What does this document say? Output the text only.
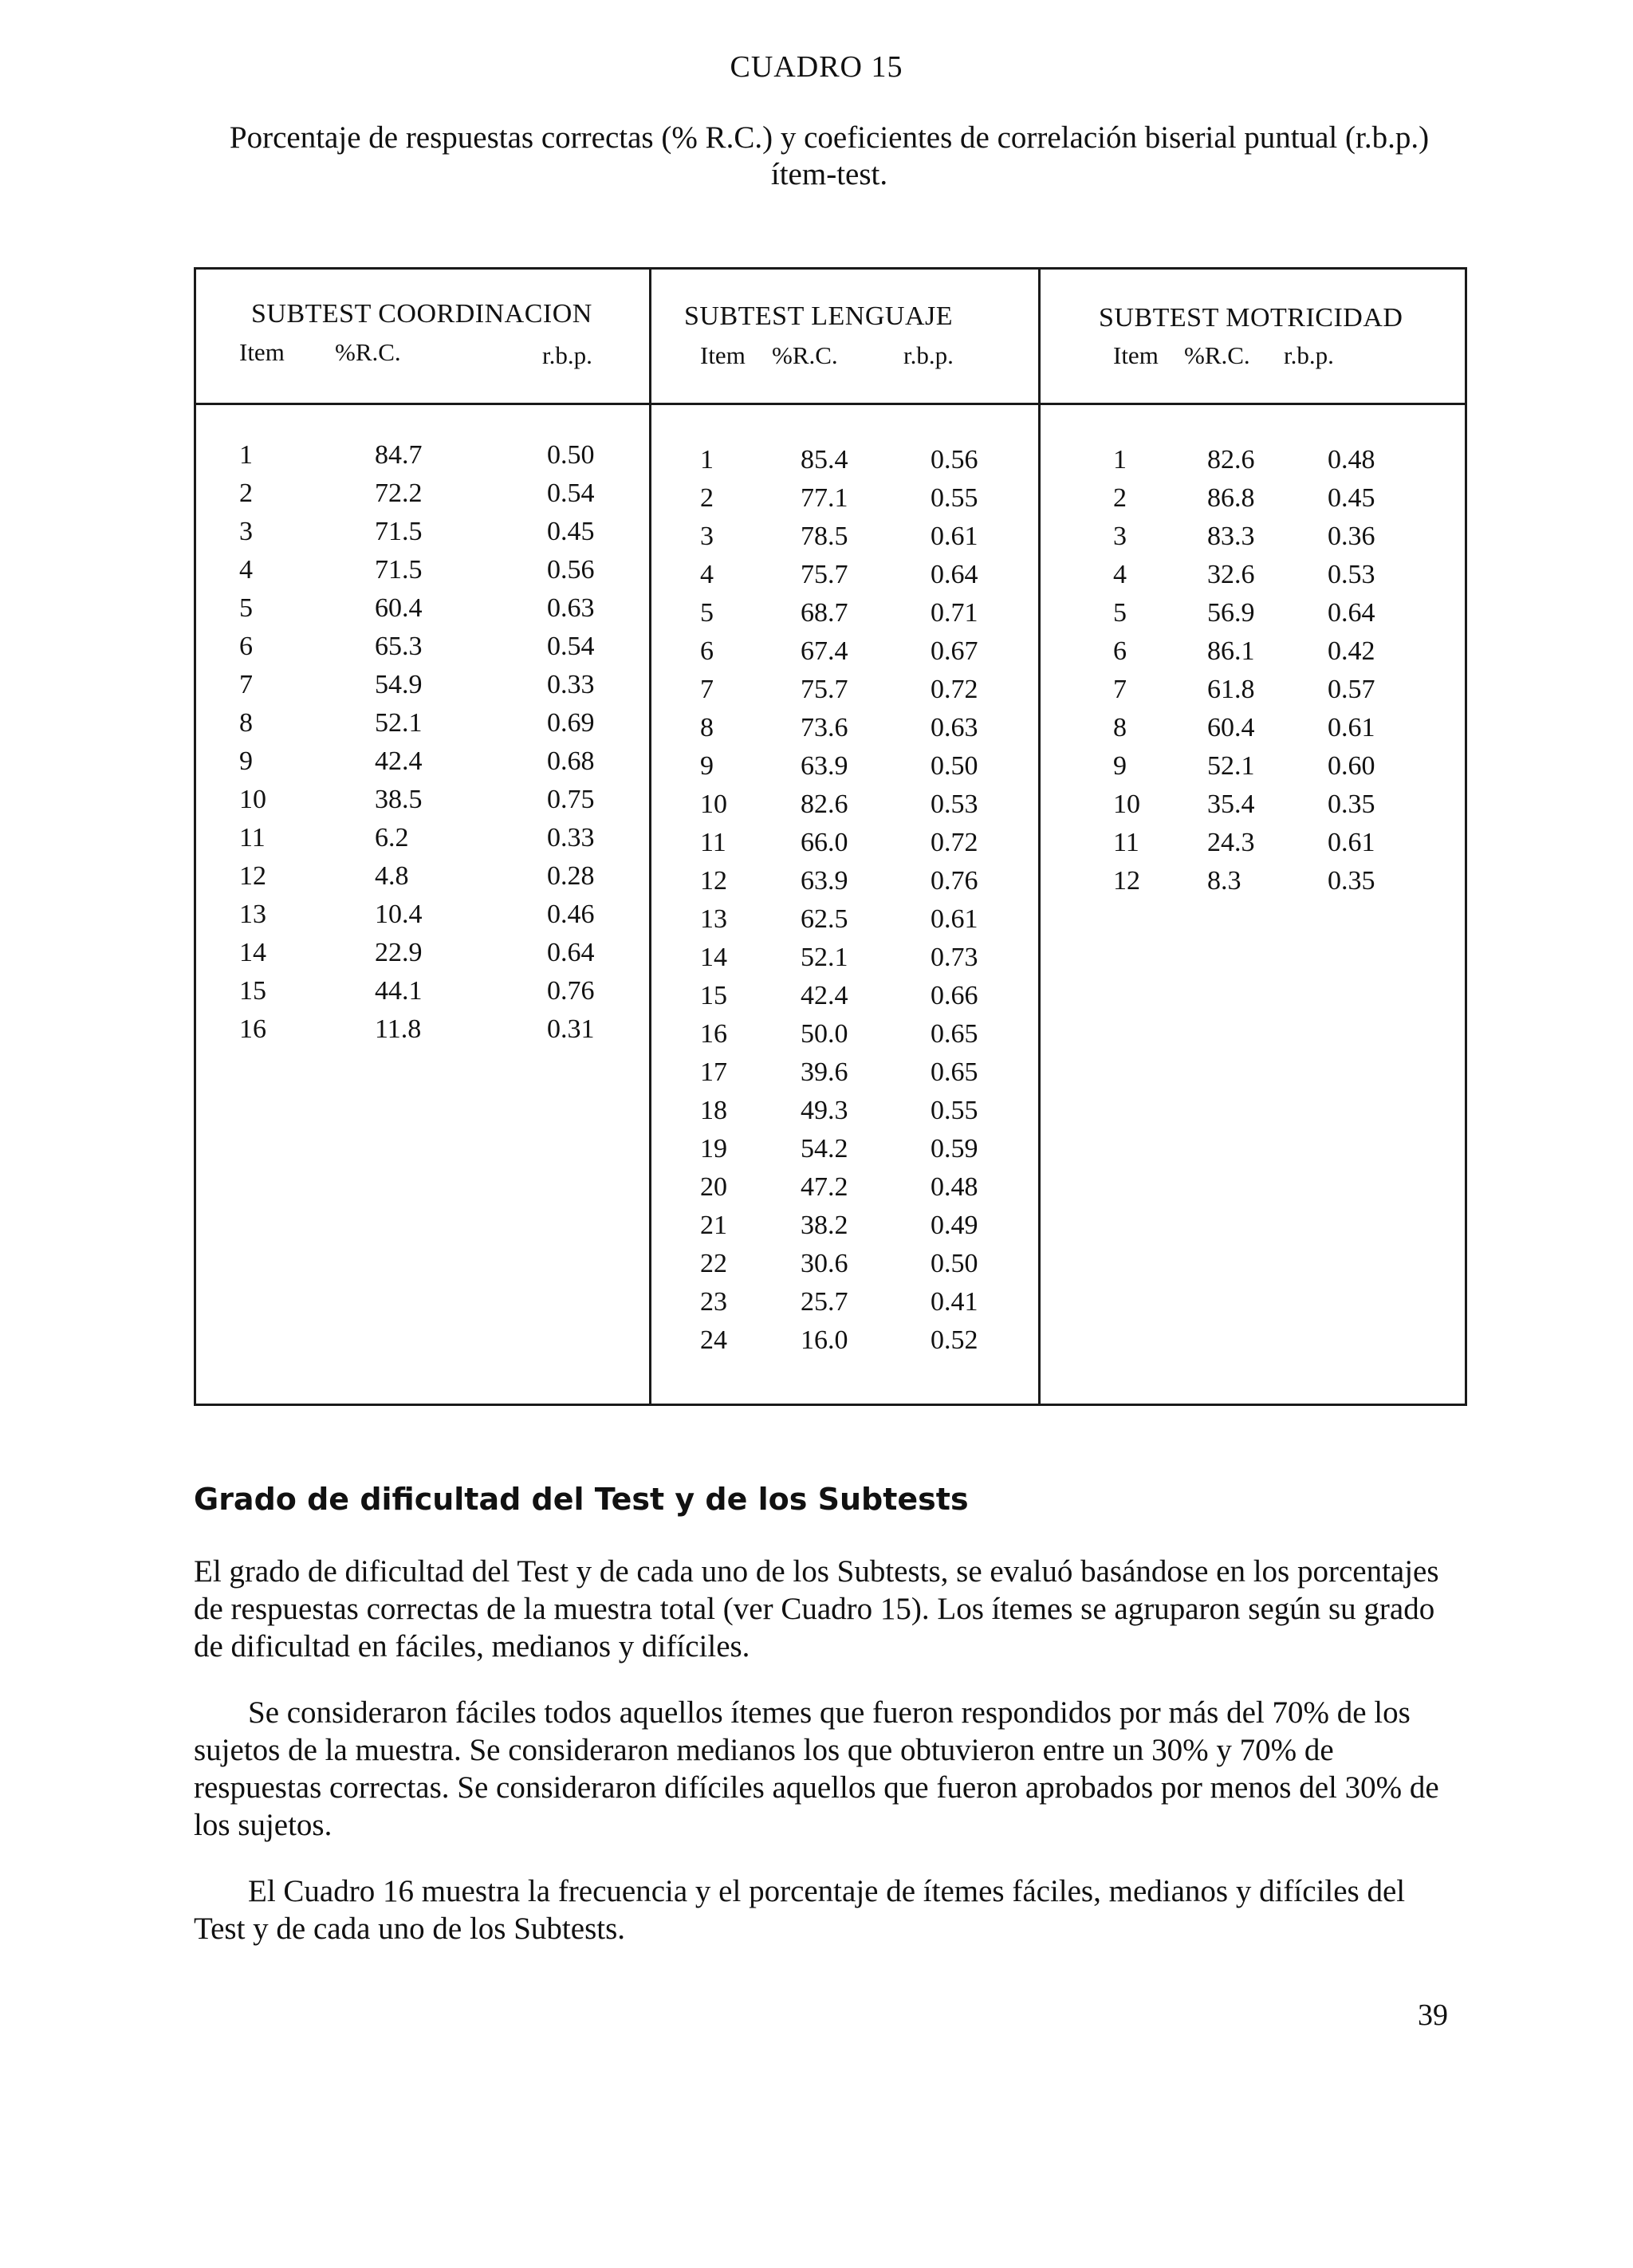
CUADRO 15
Porcentaje de respuestas correctas (% R.C.) y coeficientes de correlación biserial puntual (r.b.p.) ítem-test.
SUBTEST COORDINACION	SUBTEST LENGUAJE	SUBTEST MOTRICIDAD
Item %R.C.	r.b.p.	Item %R.C.	r.b.p.	Item %R.C. r.b.p.
1	84.7	0.50
2	72.2	0.54
3	71.5	0.45
4	71.5	0.56
5	60.4	0.63
6	65.3	0.54
7	54.9	0.33
8	52.1	0.69
9	42.4	0.68
10	38.5	0.75
11	6.2	0.33
12	4.8	0.28
13	10.4	0.46
14	22.9	0.64
15	44.1	0.76
16	11.8	0.31
1	85.4	0.56
2	77.1	0.55
3	78.5	0.61
4	75.7	0.64
5	68.7	0.71
6	67.4	0.67
7	75.7	0.72
8	73.6	0.63
9	63.9	0.50
10	82.6	0.53
11	66.0	0.72
12	63.9	0.76
13	62.5	0.61
14	52.1	0.73
15	42.4	0.66
16	50.0	0.65
17	39.6	0.65
18	49.3	0.55
19	54.2	0.59
20	47.2	0.48
21	38.2	0.49
22	30.6	0.50
23	25.7	0.41
24	16.0	0.52
1	82.6	0.48
2	86.8	0.45
3	83.3	0.36
4	32.6	0.53
5	56.9	0.64
6	86.1	0.42
7	61.8	0.57
8	60.4	0.61
9	52.1	0.60
10 35.4	0.35
11	24.3	0.61
12 8.3	0.35
Grado de dificultad del Test y de los Subtests
El grado de dificultad del Test y de cada uno de los Subtests, se evaluó basándose en los porcentajes de respuestas correctas de la muestra total (ver Cuadro 15). Los ítemes se agruparon según su grado de dificultad en fáciles, medianos y difíciles.
Se consideraron fáciles todos aquellos ítemes que fueron respondidos por más del 70% de los sujetos de la muestra. Se consideraron medianos los que obtuvieron entre un 30% y 70% de respuestas correctas. Se consideraron difíciles aquellos que fueron aprobados por menos del 30% de los sujetos.
El Cuadro 16 muestra la frecuencia y el porcentaje de ítemes fáciles, medianos y difíciles del Test y de cada uno de los Subtests.
39
